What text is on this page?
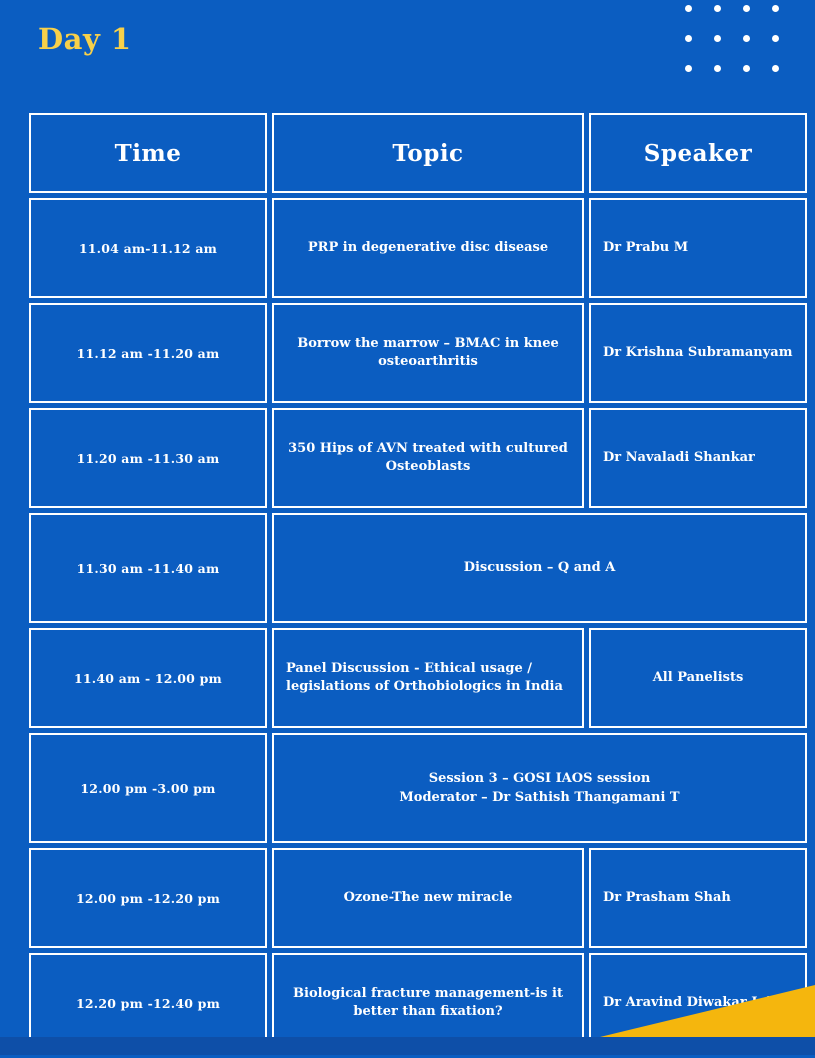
Day 1
Time	Topic	Speaker
11.04 am-11.12 am	PRP in degenerative disc disease	Dr Prabu M
11.12 am -11.20 am	Borrow the marrow – BMAC in knee osteoarthritis	Dr Krishna Subramanyam
11.20 am -11.30 am	350 Hips of AVN treated with cultured Osteoblasts	Dr Navaladi Shankar
11.30 am -11.40 am	Discussion – Q and A	
11.40 am - 12.00 pm	Panel Discussion - Ethical usage / legislations of Orthobiologics in India	All Panelists
12.00 pm -3.00 pm	Session 3 – GOSI IAOS session
Moderator – Dr Sathish Thangamani T	
12.00 pm -12.20 pm	Ozone-The new miracle	Dr Prasham Shah
12.20 pm -12.40 pm	Biological fracture management-is it better than fixation?	Dr Aravind Diwakar Jain
